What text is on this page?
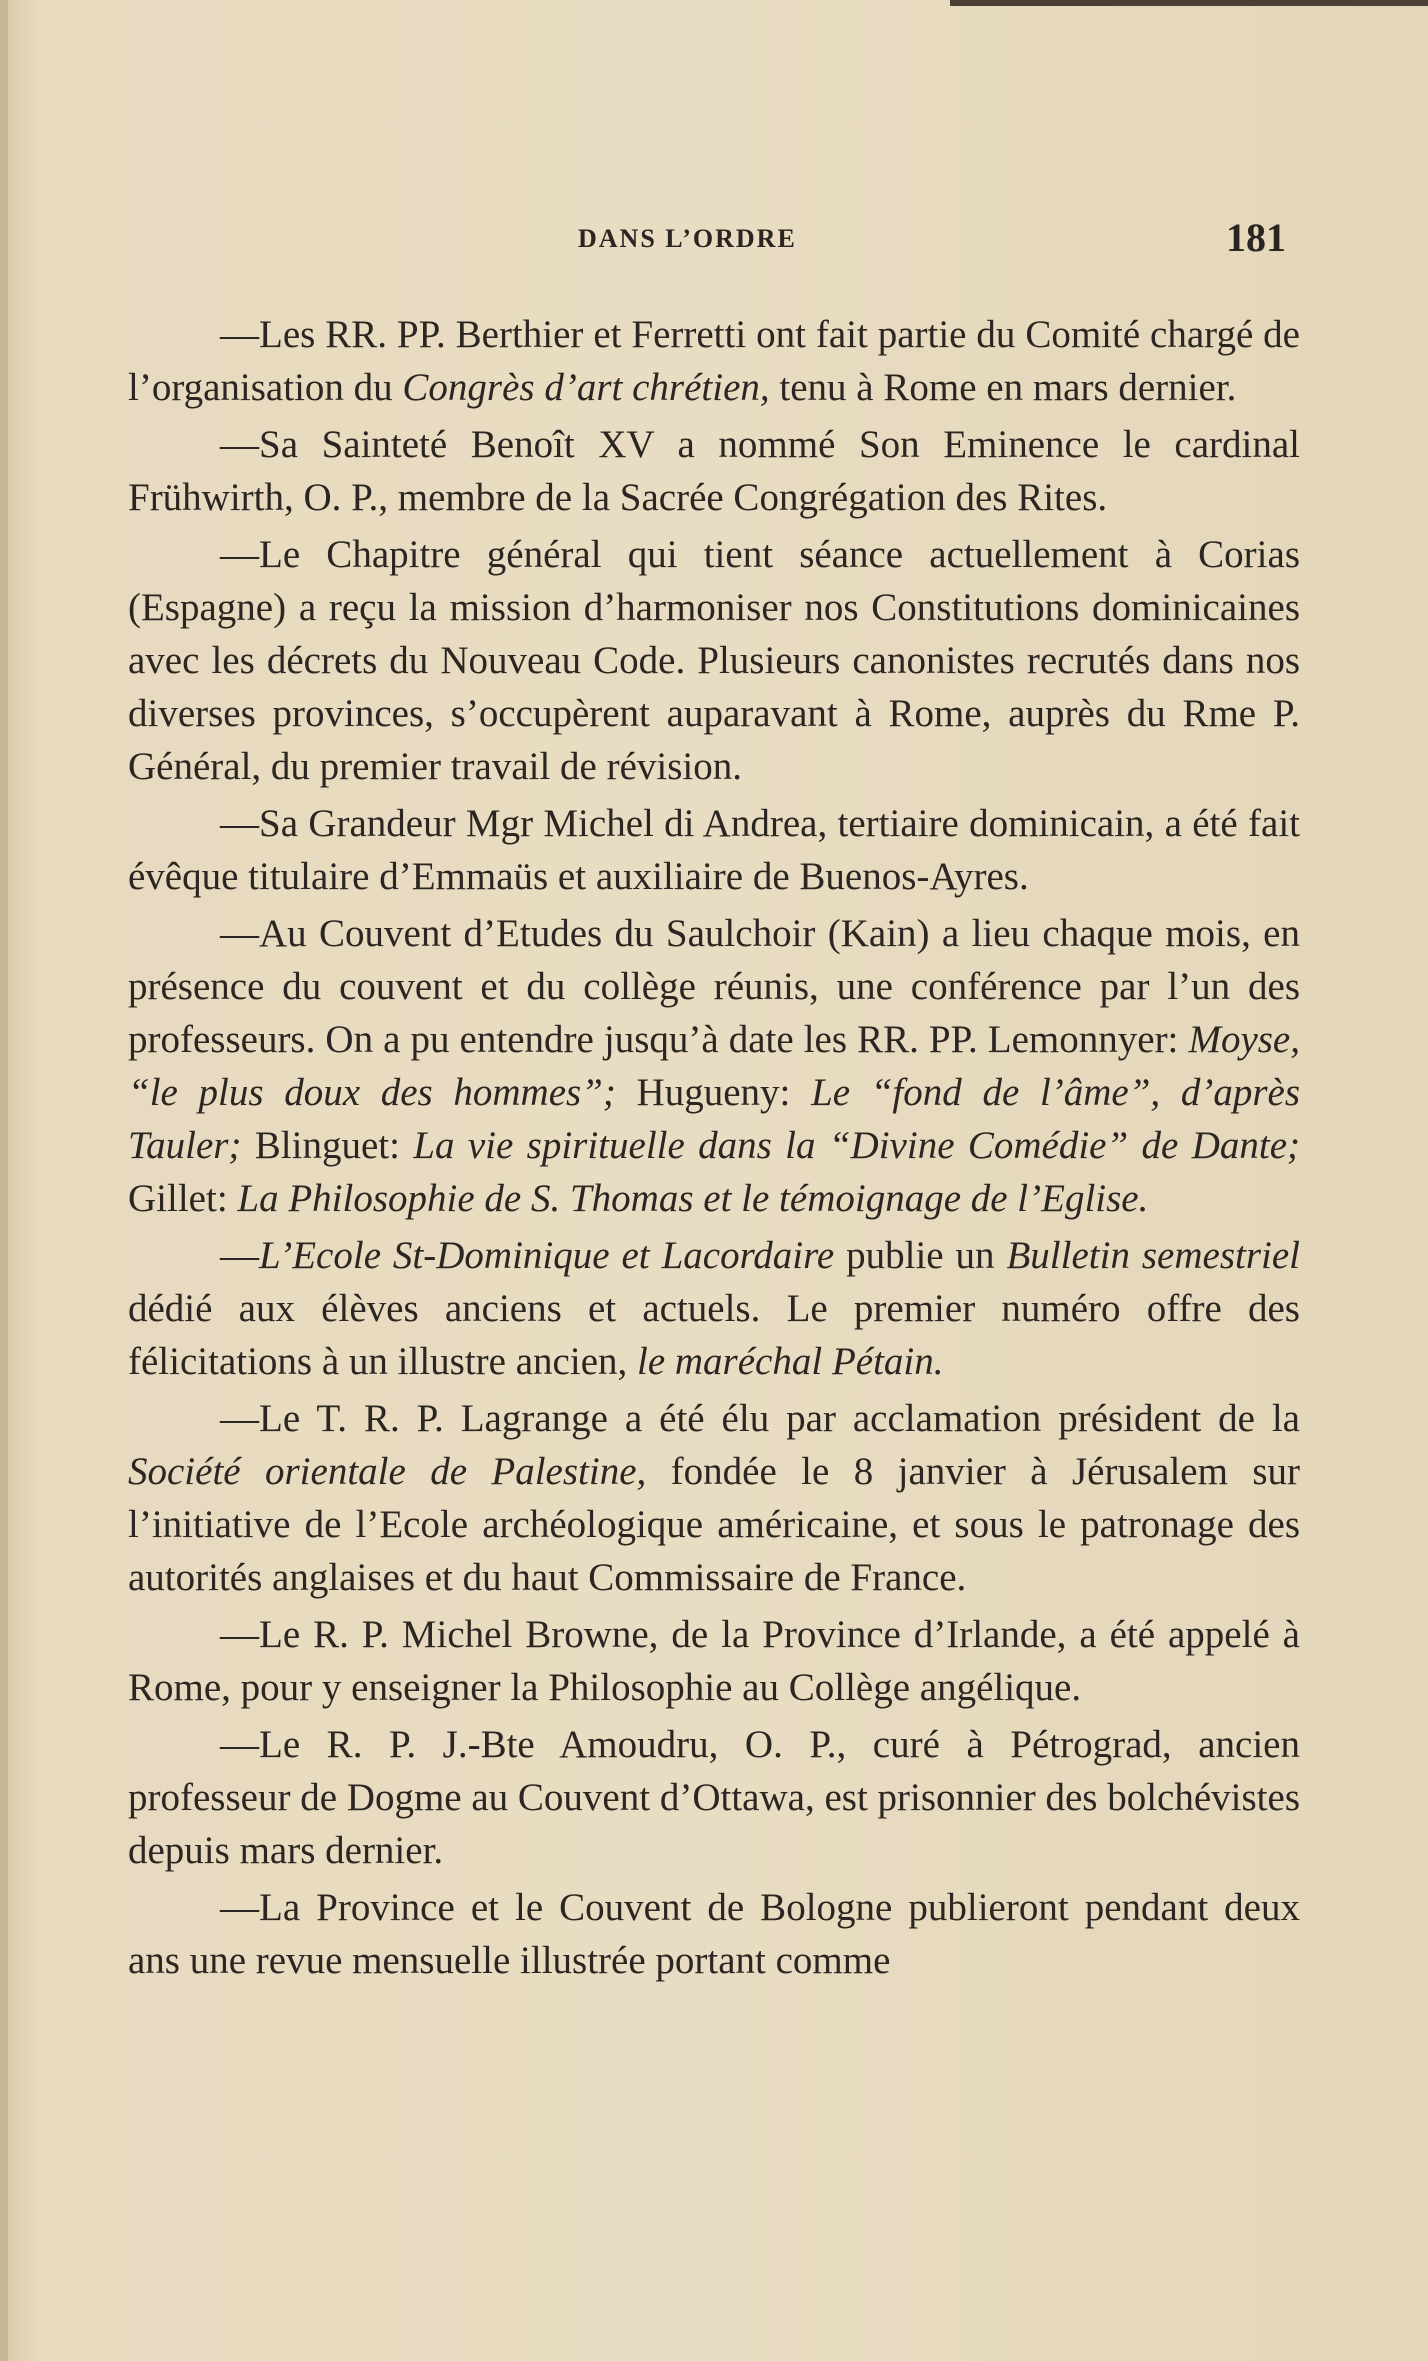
DANS L’ORDRE	181

—Les RR. PP. Berthier et Ferretti ont fait partie du Comité chargé de l’organisation du Congrès d’art chrétien, tenu à Rome en mars dernier.

—Sa Sainteté Benoît XV a nommé Son Eminence le cardinal Frühwirth, O. P., membre de la Sacrée Congrégation des Rites.

—Le Chapitre général qui tient séance actuellement à Corias (Espagne) a reçu la mission d’harmoniser nos Constitutions dominicaines avec les décrets du Nouveau Code. Plusieurs canonistes recrutés dans nos diverses provinces, s’occupèrent auparavant à Rome, auprès du Rme P. Général, du premier travail de révision.

—Sa Grandeur Mgr Michel di Andrea, tertiaire dominicain, a été fait évêque titulaire d’Emmaüs et auxiliaire de Buenos-Ayres.

—Au Couvent d’Etudes du Saulchoir (Kain) a lieu chaque mois, en présence du couvent et du collège réunis, une conférence par l’un des professeurs. On a pu entendre jusqu’à date les RR. PP. Lemonnyer: Moyse, “le plus doux des hommes”; Hugueny: Le “fond de l’âme”, d’après Tauler; Blinguet: La vie spirituelle dans la “Divine Comédie” de Dante; Gillet: La Philosophie de S. Thomas et le témoignage de l’Eglise.

—L’Ecole St-Dominique et Lacordaire publie un Bulletin semestriel dédié aux élèves anciens et actuels. Le premier numéro offre des félicitations à un illustre ancien, le maréchal Pétain.

—Le T. R. P. Lagrange a été élu par acclamation président de la Société orientale de Palestine, fondée le 8 janvier à Jérusalem sur l’initiative de l’Ecole archéologique américaine, et sous le patronage des autorités anglaises et du haut Commissaire de France.

—Le R. P. Michel Browne, de la Province d’Irlande, a été appelé à Rome, pour y enseigner la Philosophie au Collège angélique.

—Le R. P. J.-Bte Amoudru, O. P., curé à Pétrograd, ancien professeur de Dogme au Couvent d’Ottawa, est prisonnier des bolchévistes depuis mars dernier.

—La Province et le Couvent de Bologne publieront pendant deux ans une revue mensuelle illustrée portant comme
